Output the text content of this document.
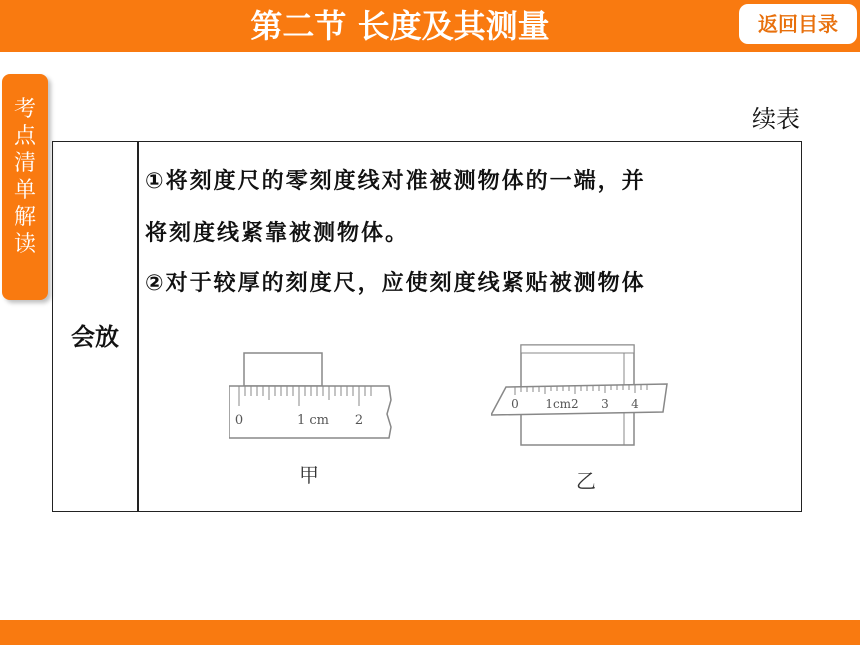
第二节 长度及其测量	返回目录
考
点
清
单
解
读
续表
会放
①将刻度尺的零刻度线对准被测物体的一端，并
将刻度线紧靠被测物体。
②对于较厚的刻度尺，应使刻度线紧贴被测物体
0	1 cm 2
甲
0 1cm2 3 4
乙
